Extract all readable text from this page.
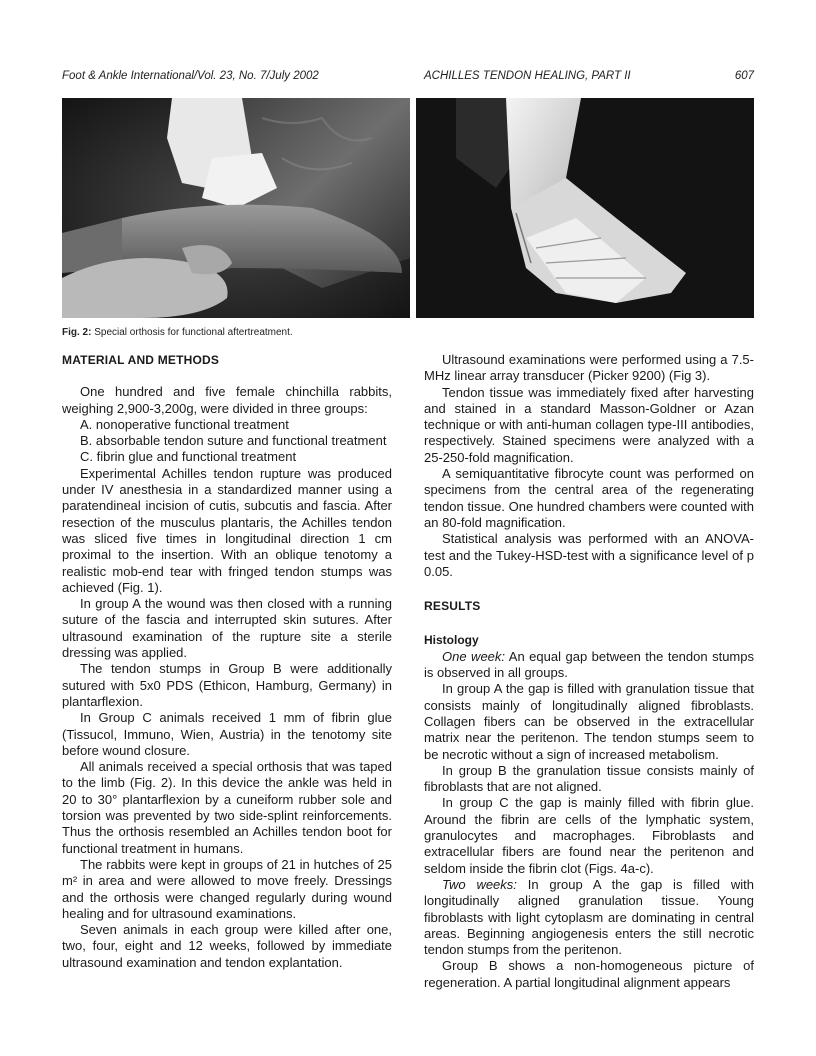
Foot & Ankle International/Vol. 23, No. 7/July 2002	ACHILLES TENDON HEALING, PART II	607
Fig. 2: Special orthosis for functional aftertreatment.

MATERIAL AND METHODS

One hundred and five female chinchilla rabbits, weighing 2,900-3,200g, were divided in three groups:

A. nonoperative functional treatment

B. absorbable tendon suture and functional treatment

C. fibrin glue and functional treatment

Experimental Achilles tendon rupture was produced under IV anesthesia in a standardized manner using a paratendineal incision of cutis, subcutis and fascia. After resection of the musculus plantaris, the Achilles tendon was sliced five times in longitudinal direction 1 cm proximal to the insertion. With an oblique tenotomy a realistic mob-end tear with fringed tendon stumps was achieved (Fig. 1).

In group A the wound was then closed with a running suture of the fascia and interrupted skin sutures. After ultrasound examination of the rupture site a sterile dressing was applied.

The tendon stumps in Group B were additionally sutured with 5x0 PDS (Ethicon, Hamburg, Germany) in plantarflexion.

In Group C animals received 1 mm of fibrin glue (Tissucol, Immuno, Wien, Austria) in the tenotomy site before wound closure.

All animals received a special orthosis that was taped to the limb (Fig. 2). In this device the ankle was held in 20 to 30° plantarflexion by a cuneiform rubber sole and torsion was prevented by two side-splint reinforcements. Thus the orthosis resembled an Achilles tendon boot for functional treatment in humans.

The rabbits were kept in groups of 21 in hutches of 25 m² in area and were allowed to move freely. Dressings and the orthosis were changed regularly during wound healing and for ultrasound examinations.

Seven animals in each group were killed after one, two, four, eight and 12 weeks, followed by immediate ultrasound examination and tendon explantation.

Ultrasound examinations were performed using a 7.5-MHz linear array transducer (Picker 9200) (Fig 3).

Tendon tissue was immediately fixed after harvesting and stained in a standard Masson-Goldner or Azan technique or with anti-human collagen type-III antibodies, respectively. Stained specimens were analyzed with a 25-250-fold magnification.

A semiquantitative fibrocyte count was performed on specimens from the central area of the regenerating tendon tissue. One hundred chambers were counted with an 80-fold magnification.

Statistical analysis was performed with an ANOVA-test and the Tukey-HSD-test with a significance level of p 0.05.

RESULTS

Histology

One week: An equal gap between the tendon stumps is observed in all groups.

In group A the gap is filled with granulation tissue that consists mainly of longitudinally aligned fibroblasts. Collagen fibers can be observed in the extracellular matrix near the peritenon. The tendon stumps seem to be necrotic without a sign of increased metabolism.

In group B the granulation tissue consists mainly of fibroblasts that are not aligned.

In group C the gap is mainly filled with fibrin glue. Around the fibrin are cells of the lymphatic system, granulocytes and macrophages. Fibroblasts and extracellular fibers are found near the peritenon and seldom inside the fibrin clot (Figs. 4a-c).

Two weeks: In group A the gap is filled with longitudinally aligned granulation tissue. Young fibroblasts with light cytoplasm are dominating in central areas. Beginning angiogenesis enters the still necrotic tendon stumps from the peritenon.

Group B shows a non-homogeneous picture of regeneration. A partial longitudinal alignment appears
